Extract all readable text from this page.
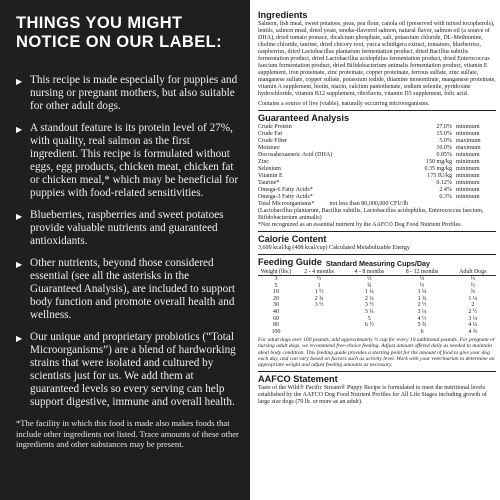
THINGS YOU MIGHT NOTICE ON OUR LABEL:
▶ This recipe is made especially for puppies and nursing or pregnant mothers, but also suitable for other adult dogs.

▶ A standout feature is its protein level of 27%, with quality, real salmon as the first ingredient. This recipe is formulated without eggs, egg products, chicken meat, chicken fat or chicken meal,* which may be beneficial for puppies with food-related sensitivities.

▶ Blueberries, raspberries and sweet potatoes provide valuable nutrients and guaranteed antioxidants.

▶ Other nutrients, beyond those considered essential (see all the asterisks in the Guaranteed Analysis), are included to support body function and promote overall health and wellness.

▶ Our unique and proprietary probiotics (“Total Microorganisms”) are a blend of hardworking strains that were isolated and cultured by scientists just for us. We add them at guaranteed levels so every serving can help support digestive, immune and overall health.

*The facility in which this food is made also makes foods that include other ingredients not listed. Trace amounts of these other ingredients and other substances may be present.

Ingredients

Salmon, fish meal, sweet potatoes, peas, pea flour, canola oil (preserved with mixed tocopherols), lentils, salmon meal, dried yeast, smoke-flavored salmon, natural flavor, salmon oil (a source of DHA), dried tomato pomace, dicalcium phosphate, salt, potassium chloride, DL-Methionine, choline chloride, taurine, dried chicory root, yucca schidigera extract, tomatoes, blueberries, raspberries, dried Lactobacillus plantarum fermentation product, dried Bacillus subtilis fermentation product, dried Lactobacillus acidophilus fermentation product, dried Enterococcus faecium fermentation product, dried Bifidobacterium animalis fermentation product, vitamin E supplement, iron proteinate, zinc proteinate, copper proteinate, ferrous sulfate, zinc sulfate, manganese sulfate, copper sulfate, potassium iodide, thiamine mononitrate, manganese proteinate, vitamin A supplement, biotin, niacin, calcium pantothenate, sodium selenite, pyridoxine hydrochloride, vitamin B12 supplement, riboflavin, vitamin D3 supplement, folic acid.

Contains a source of live (viable), naturally occurring microorganisms.

Guaranteed Analysis
Crude Protein	27.0%	minimum
Crude Fat	15.0%	minimum
Crude Fiber	5.0%	maximum
Moisture	10.0%	maximum
Docosahexaenoic Acid (DHA)	0.05%	minimum
Zinc	150 mg/kg	minimum
Selenium	0.35 mg/kg	minimum
Vitamin E	175 IU/kg	minimum
Taurine*	0.12%	minimum
Omega-6 Fatty Acids*	2.4%	minimum
Omega-3 Fatty Acids*	0.3%	minimum

Total Microorganisms*          not less than 80,000,000 CFU/lb

(Lactobacillus plantarum, Bacillus subtilis, Lactobacillus acidophilus, Enterococcus faecium, Bifidobacterium animalis)

*Not recognized as an essential nutrient by the AAFCO Dog Food Nutrient Profiles.

Calorie Content

3,600 kcal/kg (408 kcal/cup) Calculated Metabolizable Energy

Feeding Guide Standard Measuring Cups/Day
Weight (lbs.)	2 - 4 months	4 - 8 months	8 - 12 months	Adult Dogs
3	½	⅓	⅓	⅓
5	1	¾	½	½
10	1 ½	1 ¼	1 ¼	¾
20	2 ¾	2 ¼	1 ¾	1 ¼
30	3 ½	3 ½	2 ½	2
40		3 ¾	3 ¼	2 ½
60		5	4 ½	3 ¼
80		6 ½	5 ¾	4 ¼
100			6	4 ¾

For adult dogs over 100 pounds, add approximately ½ cup for every 10 additional pounds. For pregnant or nursing adult dogs, we recommend free-choice feeding. Adjust amount offered daily as needed to maintain ideal body condition. This feeding guide provides a starting point for the amount of food to give your dog each day, and can vary based on factors such as activity level. Work with your veterinarian to determine an appropriate weight and adjust feeding amounts as necessary.

AAFCO Statement

Taste of the Wild® Pacific Stream® Puppy Recipe is formulated to meet the nutritional levels established by the AAFCO Dog Food Nutrient Profiles for All Life Stages including growth of large size dogs (70 lb. or more as an adult).
